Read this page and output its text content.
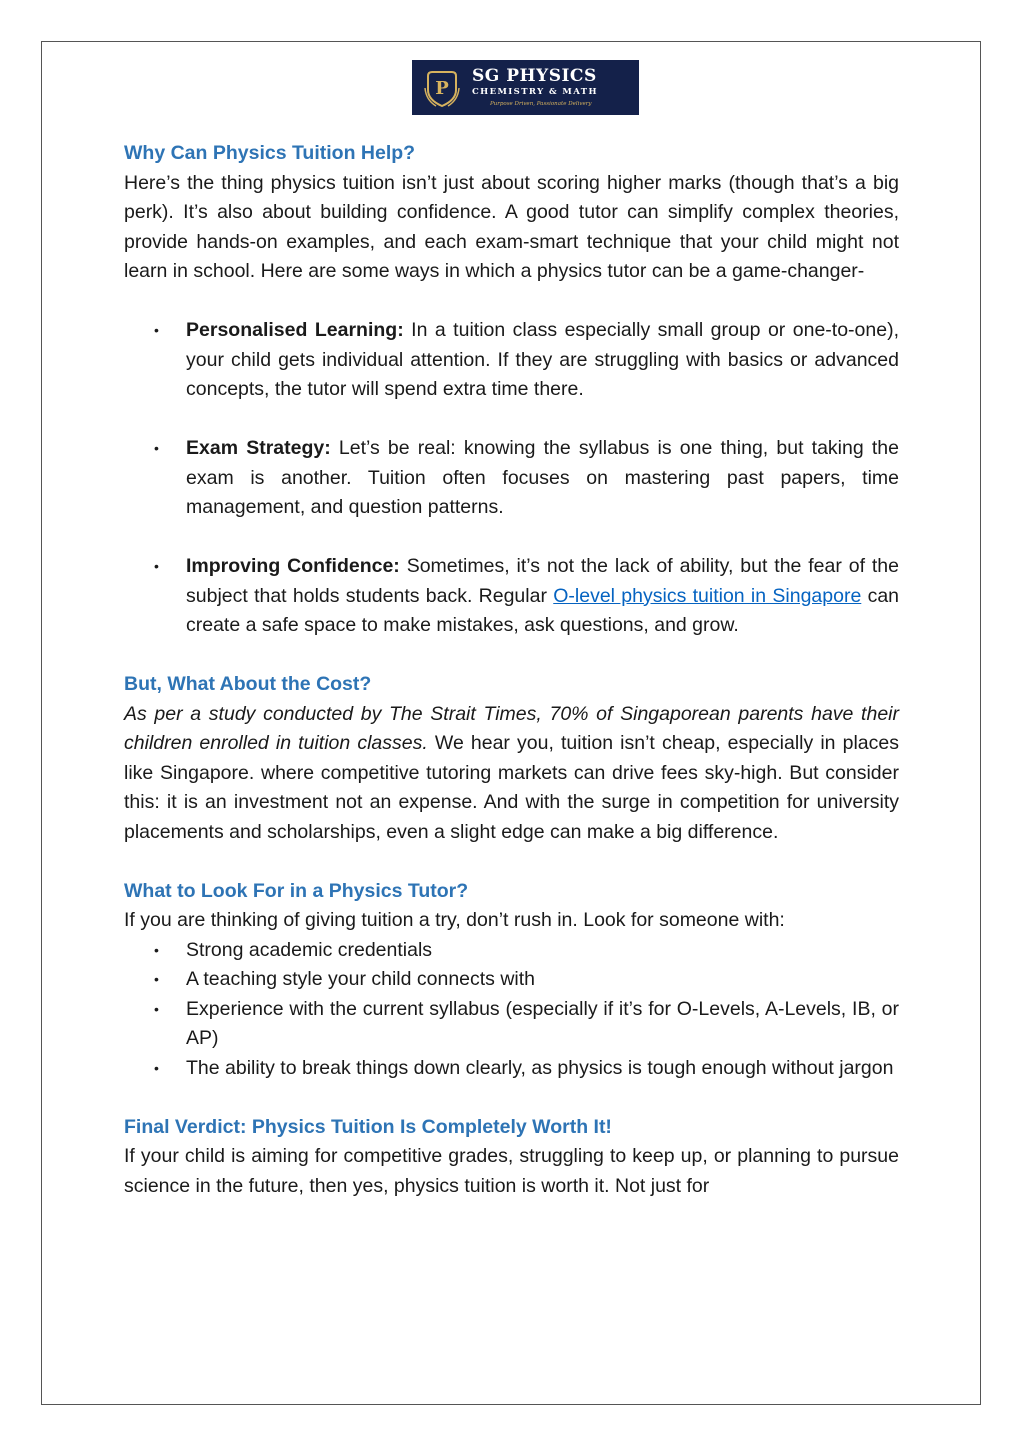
P
SG PHYSICS
CHEMISTRY & MATH
Purpose Driven, Passionate Delivery

Why Can Physics Tuition Help?

Here’s the thing physics tuition isn’t just about scoring higher marks (though that’s a big perk). It’s also about building confidence. A good tutor can simplify complex theories, provide hands-on examples, and each exam-smart technique that your child might not learn in school. Here are some ways in which a physics tutor can be a game-changer-

• Personalised Learning: In a tuition class especially small group or one-to-one), your child gets individual attention. If they are struggling with basics or advanced concepts, the tutor will spend extra time there.
• Exam Strategy: Let’s be real: knowing the syllabus is one thing, but taking the exam is another. Tuition often focuses on mastering past papers, time management, and question patterns.
• Improving Confidence: Sometimes, it’s not the lack of ability, but the fear of the subject that holds students back. Regular O-level physics tuition in Singapore can create a safe space to make mistakes, ask questions, and grow.

But, What About the Cost?

As per a study conducted by The Strait Times, 70% of Singaporean parents have their children enrolled in tuition classes. We hear you, tuition isn’t cheap, especially in places like Singapore. where competitive tutoring markets can drive fees sky-high. But consider this: it is an investment not an expense. And with the surge in competition for university placements and scholarships, even a slight edge can make a big difference.

What to Look For in a Physics Tutor?

If you are thinking of giving tuition a try, don’t rush in. Look for someone with:

• Strong academic credentials
• A teaching style your child connects with
• Experience with the current syllabus (especially if it’s for O-Levels, A-Levels, IB, or AP)
• The ability to break things down clearly, as physics is tough enough without jargon

Final Verdict: Physics Tuition Is Completely Worth It!

If your child is aiming for competitive grades, struggling to keep up, or planning to pursue science in the future, then yes, physics tuition is worth it. Not just for
